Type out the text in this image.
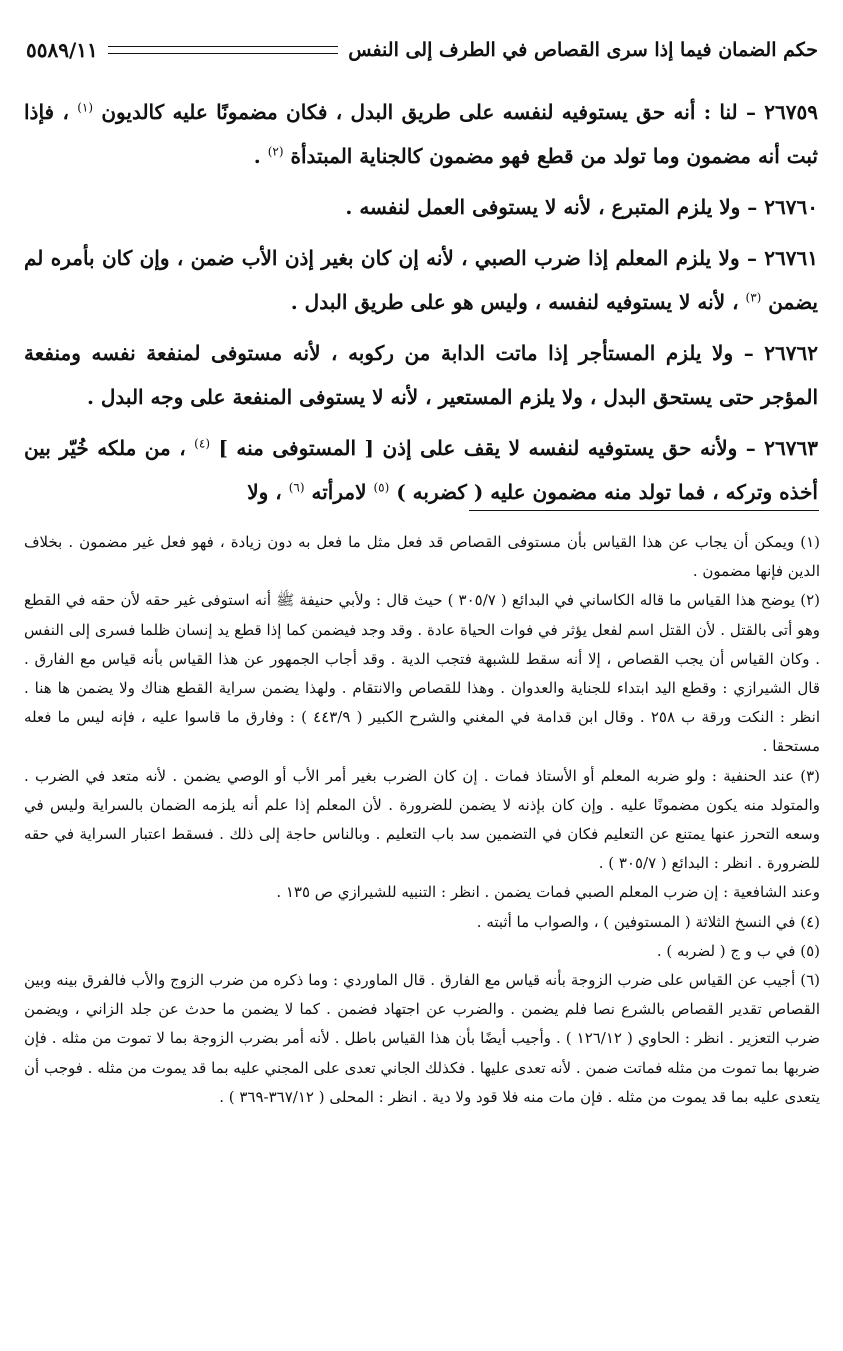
حكم الضمان فيما إذا سرى القصاص في الطرف إلى النفس
٥٥٨٩/١١

٢٦٧٥٩ – لنا : أنه حق يستوفيه لنفسه على طريق البدل ، فكان مضمونًا عليه كالديون $^{(١)}$ ، فإذا ثبت أنه مضمون وما تولد من قطع فهو مضمون كالجناية المبتدأة $^{(٢)}$ .

٢٦٧٦٠ – ولا يلزم المتبرع ، لأنه لا يستوفى العمل لنفسه .

٢٦٧٦١ – ولا يلزم المعلم إذا ضرب الصبي ، لأنه إن كان بغير إذن الأب ضمن ، وإن كان بأمره لم يضمن $^{(٣)}$ ، لأنه لا يستوفيه لنفسه ، وليس هو على طريق البدل .

٢٦٧٦٢ – ولا يلزم المستأجر إذا ماتت الدابة من ركوبه ، لأنه مستوفى لمنفعة نفسه ومنفعة المؤجر حتى يستحق البدل ، ولا يلزم المستعير ، لأنه لا يستوفى المنفعة على وجه البدل .

٢٦٧٦٣ – ولأنه حق يستوفيه لنفسه لا يقف على إذن [ المستوفى منه ] $^{(٤)}$ ، من ملكه خُيّر بين أخذه وتركه ، فما تولد منه مضمون عليه ( كضربه ) $^{(٥)}$ لامرأته $^{(٦)}$ ، ولا

(١) ويمكن أن يجاب عن هذا القياس بأن مستوفى القصاص قد فعل مثل ما فعل به دون زيادة ، فهو فعل غير مضمون . بخلاف الدين فإنها مضمون .

(٢) يوضح هذا القياس ما قاله الكاساني في البدائع ( ٣٠٥/٧ ) حيث قال : ولأبي حنيفة ﷺ أنه استوفى غير حقه لأن حقه في القطع وهو أتى بالقتل . لأن القتل اسم لفعل يؤثر في فوات الحياة عادة . وقد وجد فيضمن كما إذا قطع يد إنسان ظلما فسرى إلى النفس . وكان القياس أن يجب القصاص ، إلا أنه سقط للشبهة فتجب الدية . وقد أجاب الجمهور عن هذا القياس بأنه قياس مع الفارق . قال الشيرازي : وقطع اليد ابتداء للجناية والعدوان . وهذا للقصاص والانتقام . ولهذا يضمن سراية القطع هناك ولا يضمن ها هنا . انظر : النكت ورقة ب ٢٥٨ . وقال ابن قدامة في المغني والشرح الكبير ( ٤٤٣/٩ ) : وفارق ما قاسوا عليه ، فإنه ليس ما فعله مستحقا .

(٣) عند الحنفية : ولو ضربه المعلم أو الأستاذ فمات . إن كان الضرب بغير أمر الأب أو الوصي يضمن . لأنه متعد في الضرب . والمتولد منه يكون مضمونًا عليه . وإن كان بإذنه لا يضمن للضرورة . لأن المعلم إذا علم أنه يلزمه الضمان بالسراية وليس في وسعه التحرز عنها يمتنع عن التعليم فكان في التضمين سد باب التعليم . وبالناس حاجة إلى ذلك . فسقط اعتبار السراية في حقه للضرورة . انظر : البدائع ( ٣٠٥/٧ ) .

وعند الشافعية : إن ضرب المعلم الصبي فمات يضمن . انظر : التنبيه للشيرازي ص ١٣٥ .

(٤) في النسخ الثلاثة ( المستوفين ) ، والصواب ما أثبته .

(٥) في ب و ج ( لضربه ) .

(٦) أجيب عن القياس على ضرب الزوجة بأنه قياس مع الفارق . قال الماوردي : وما ذكره من ضرب الزوج والأب فالفرق بينه وبين القصاص تقدير القصاص بالشرع نصا فلم يضمن . والضرب عن اجتهاد فضمن . كما لا يضمن ما حدث عن جلد الزاني ، ويضمن ضرب التعزير . انظر : الحاوي ( ١٢٦/١٢ ) . وأجيب أيضًا بأن هذا القياس باطل . لأنه أمر بضرب الزوجة بما لا تموت من مثله . فإن ضربها بما تموت من مثله فماتت ضمن . لأنه تعدى عليها . فكذلك الجاني تعدى على المجني عليه بما قد يموت من مثله . فوجب أن يتعدى عليه بما قد يموت من مثله . فإن مات منه فلا قود ولا دية . انظر : المحلى ( ٣٦٧/١٢-٣٦٩ ) .
